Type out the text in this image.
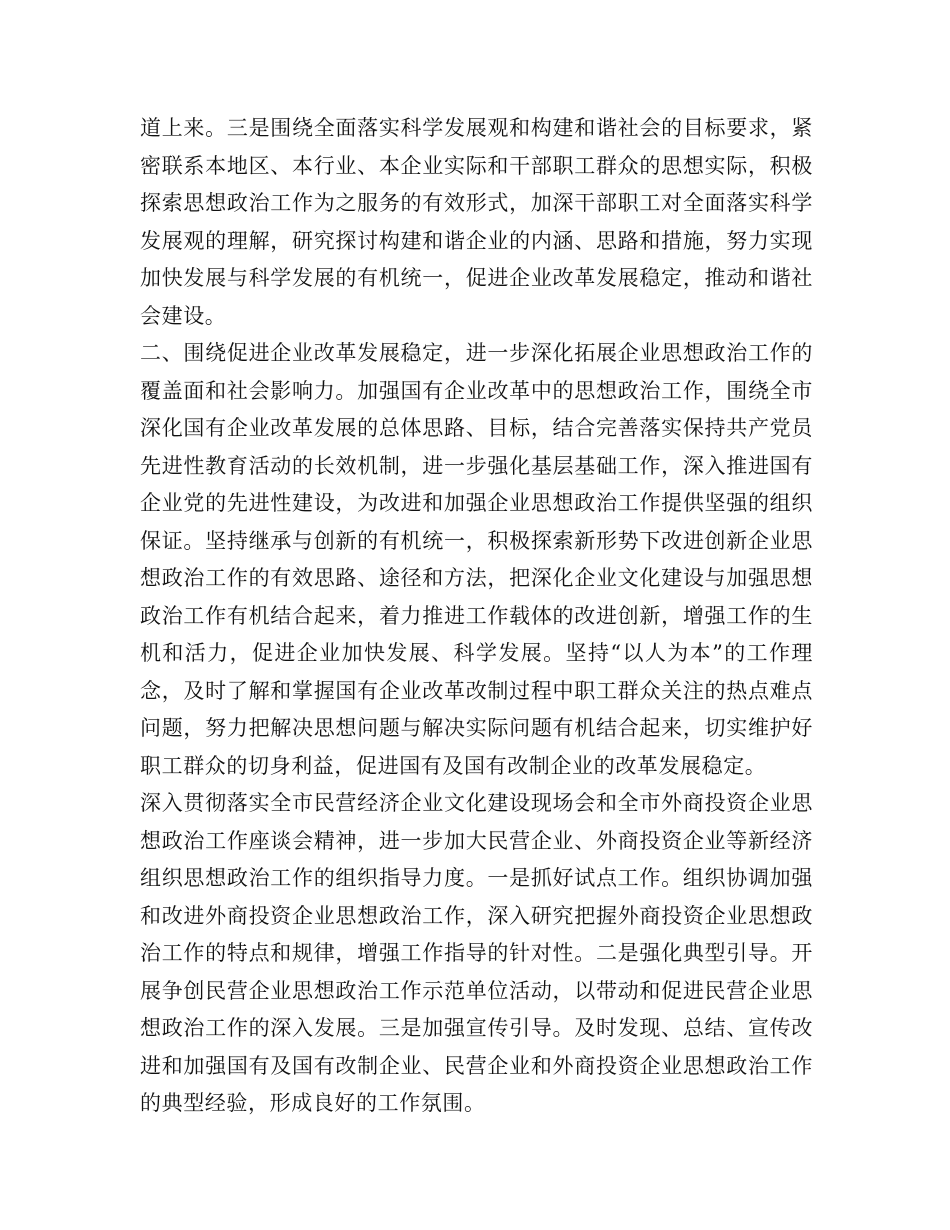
道上来。三是围绕全面落实科学发展观和构建和谐社会的目标要求，紧密联系本地区、本行业、本企业实际和干部职工群众的思想实际，积极探索思想政治工作为之服务的有效形式，加深干部职工对全面落实科学发展观的理解，研究探讨构建和谐企业的内涵、思路和措施，努力实现加快发展与科学发展的有机统一，促进企业改革发展稳定，推动和谐社会建设。

二、围绕促进企业改革发展稳定，进一步深化拓展企业思想政治工作的覆盖面和社会影响力。加强国有企业改革中的思想政治工作，围绕全市深化国有企业改革发展的总体思路、目标，结合完善落实保持共产党员先进性教育活动的长效机制，进一步强化基层基础工作，深入推进国有企业党的先进性建设，为改进和加强企业思想政治工作提供坚强的组织保证。坚持继承与创新的有机统一，积极探索新形势下改进创新企业思想政治工作的有效思路、途径和方法，把深化企业文化建设与加强思想政治工作有机结合起来，着力推进工作载体的改进创新，增强工作的生机和活力，促进企业加快发展、科学发展。坚持“以人为本”的工作理念，及时了解和掌握国有企业改革改制过程中职工群众关注的热点难点问题，努力把解决思想问题与解决实际问题有机结合起来，切实维护好职工群众的切身利益，促进国有及国有改制企业的改革发展稳定。

深入贯彻落实全市民营经济企业文化建设现场会和全市外商投资企业思想政治工作座谈会精神，进一步加大民营企业、外商投资企业等新经济组织思想政治工作的组织指导力度。一是抓好试点工作。组织协调加强和改进外商投资企业思想政治工作，深入研究把握外商投资企业思想政治工作的特点和规律，增强工作指导的针对性。二是强化典型引导。开展争创民营企业思想政治工作示范单位活动，以带动和促进民营企业思想政治工作的深入发展。三是加强宣传引导。及时发现、总结、宣传改进和加强国有及国有改制企业、民营企业和外商投资企业思想政治工作的典型经验，形成良好的工作氛围。
